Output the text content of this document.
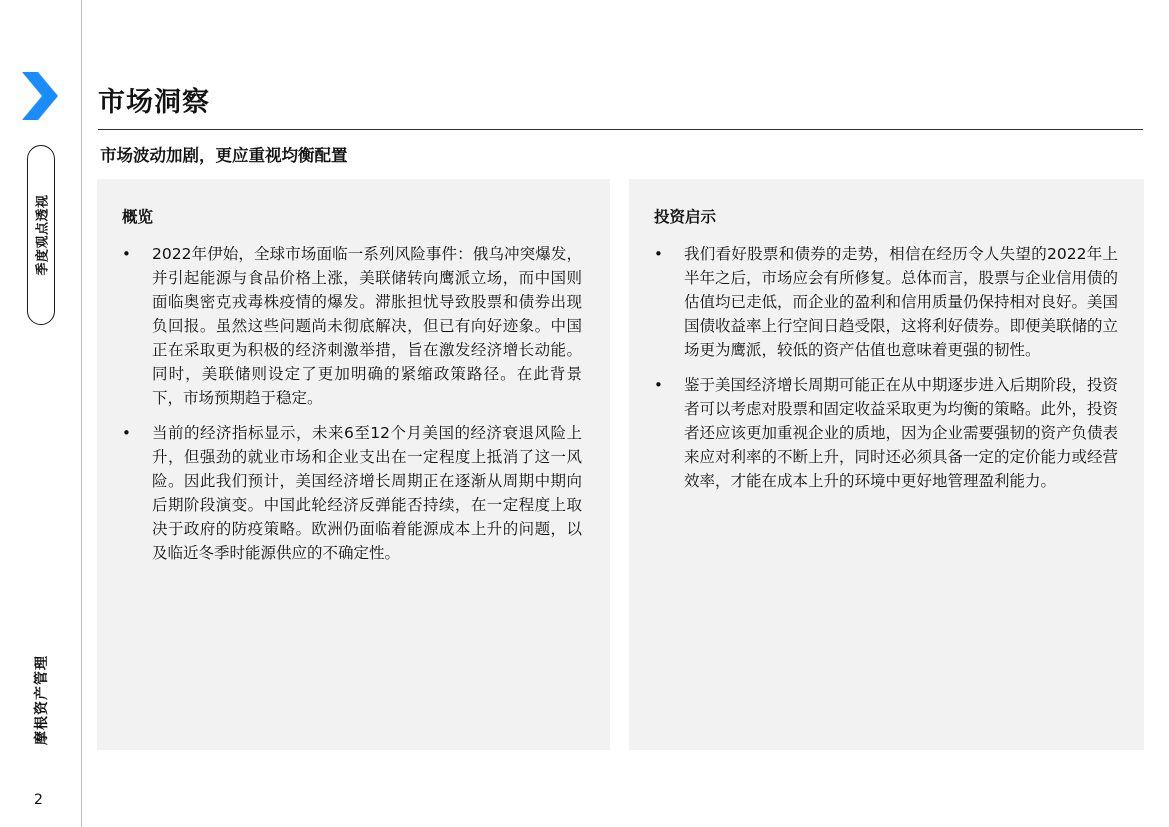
季度观点透视
摩根资产管理
2
市场洞察
市场波动加剧，更应重视均衡配置
概览
• 2022年伊始，全球市场面临一系列风险事件：俄乌冲突爆发，并引起能源与食品价格上涨，美联储转向鹰派立场，而中国则面临奥密克戎毒株疫情的爆发。滞胀担忧导致股票和债券出现负回报。虽然这些问题尚未彻底解决，但已有向好迹象。中国正在采取更为积极的经济刺激举措，旨在激发经济增长动能。同时，美联储则设定了更加明确的紧缩政策路径。在此背景下，市场预期趋于稳定。
• 当前的经济指标显示，未来6至12个月美国的经济衰退风险上升，但强劲的就业市场和企业支出在一定程度上抵消了这一风险。因此我们预计，美国经济增长周期正在逐渐从周期中期向后期阶段演变。中国此轮经济反弹能否持续，在一定程度上取决于政府的防疫策略。欧洲仍面临着能源成本上升的问题，以及临近冬季时能源供应的不确定性。
投资启示
• 我们看好股票和债券的走势，相信在经历令人失望的2022年上半年之后，市场应会有所修复。总体而言，股票与企业信用债的估值均已走低，而企业的盈利和信用质量仍保持相对良好。美国国债收益率上行空间日趋受限，这将利好债券。即便美联储的立场更为鹰派，较低的资产估值也意味着更强的韧性。
• 鉴于美国经济增长周期可能正在从中期逐步进入后期阶段，投资者可以考虑对股票和固定收益采取更为均衡的策略。此外，投资者还应该更加重视企业的质地，因为企业需要强韧的资产负债表来应对利率的不断上升，同时还必须具备一定的定价能力或经营效率，才能在成本上升的环境中更好地管理盈利能力。
